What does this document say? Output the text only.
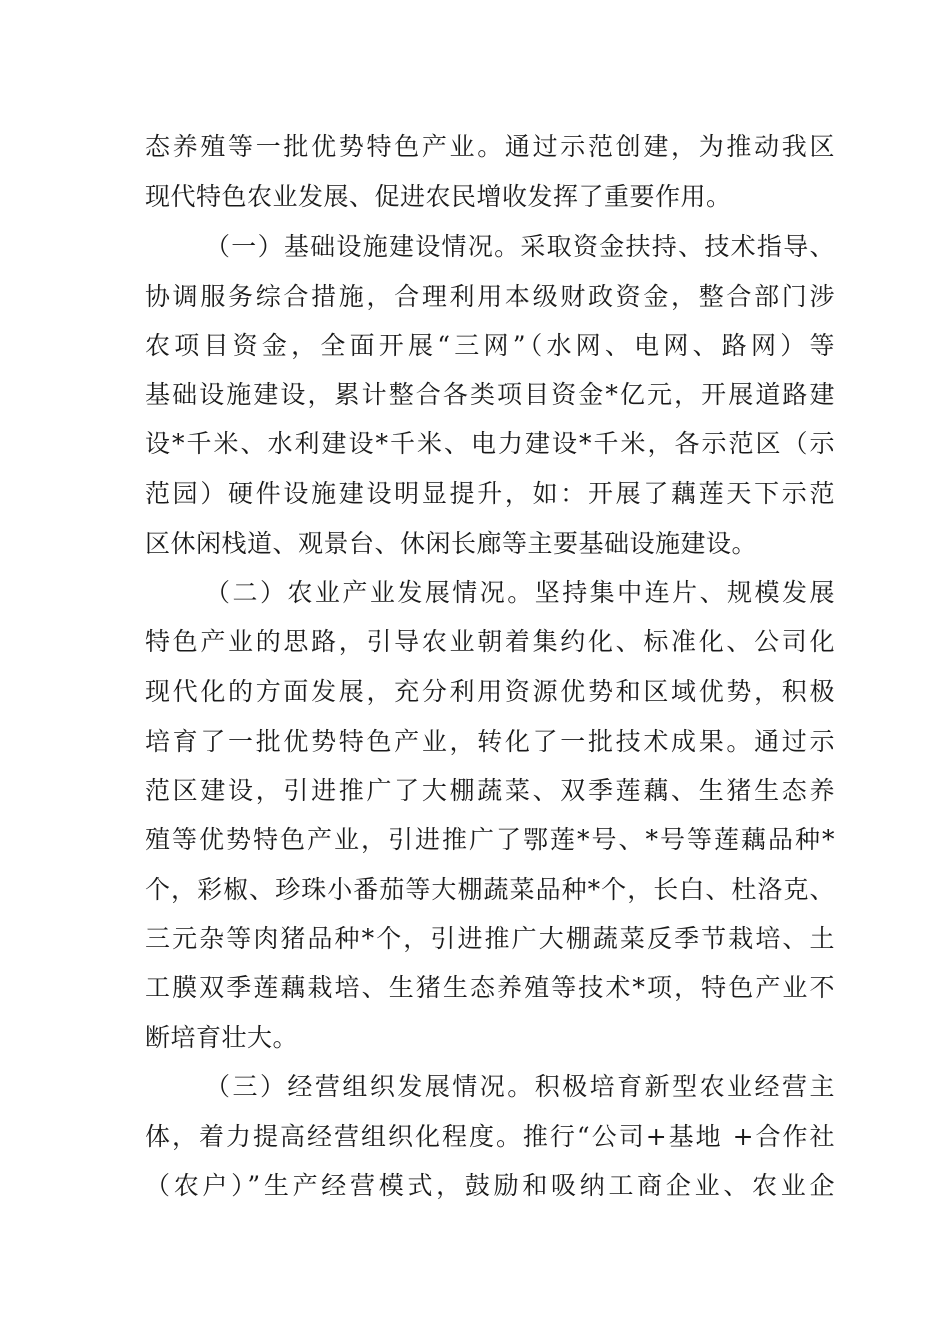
态养殖等一批优势特色产业。通过示范创建，为推动我区
现代特色农业发展、促进农民增收发挥了重要作用。
（一）基础设施建设情况。采取资金扶持、技术指导、
协调服务综合措施，合理利用本级财政资金，整合部门涉
农项目资金，全面开展“三网”（水网、电网、路网）等
基础设施建设，累计整合各类项目资金*亿元，开展道路建
设*千米、水利建设*千米、电力建设*千米，各示范区（示
范园）硬件设施建设明显提升，如：开展了藕莲天下示范
区休闲栈道、观景台、休闲长廊等主要基础设施建设。
（二）农业产业发展情况。坚持集中连片、规模发展
特色产业的思路，引导农业朝着集约化、标准化、公司化
现代化的方面发展，充分利用资源优势和区域优势，积极
培育了一批优势特色产业，转化了一批技术成果。通过示
范区建设，引进推广了大棚蔬菜、双季莲藕、生猪生态养
殖等优势特色产业，引进推广了鄂莲*号、*号等莲藕品种*
个，彩椒、珍珠小番茄等大棚蔬菜品种*个，长白、杜洛克、
三元杂等肉猪品种*个，引进推广大棚蔬菜反季节栽培、土
工膜双季莲藕栽培、生猪生态养殖等技术*项，特色产业不
断培育壮大。
（三）经营组织发展情况。积极培育新型农业经营主
体，着力提高经营组织化程度。推行“公司+基地 +合作社
（农户）”生产经营模式，鼓励和吸纳工商企业、农业企
